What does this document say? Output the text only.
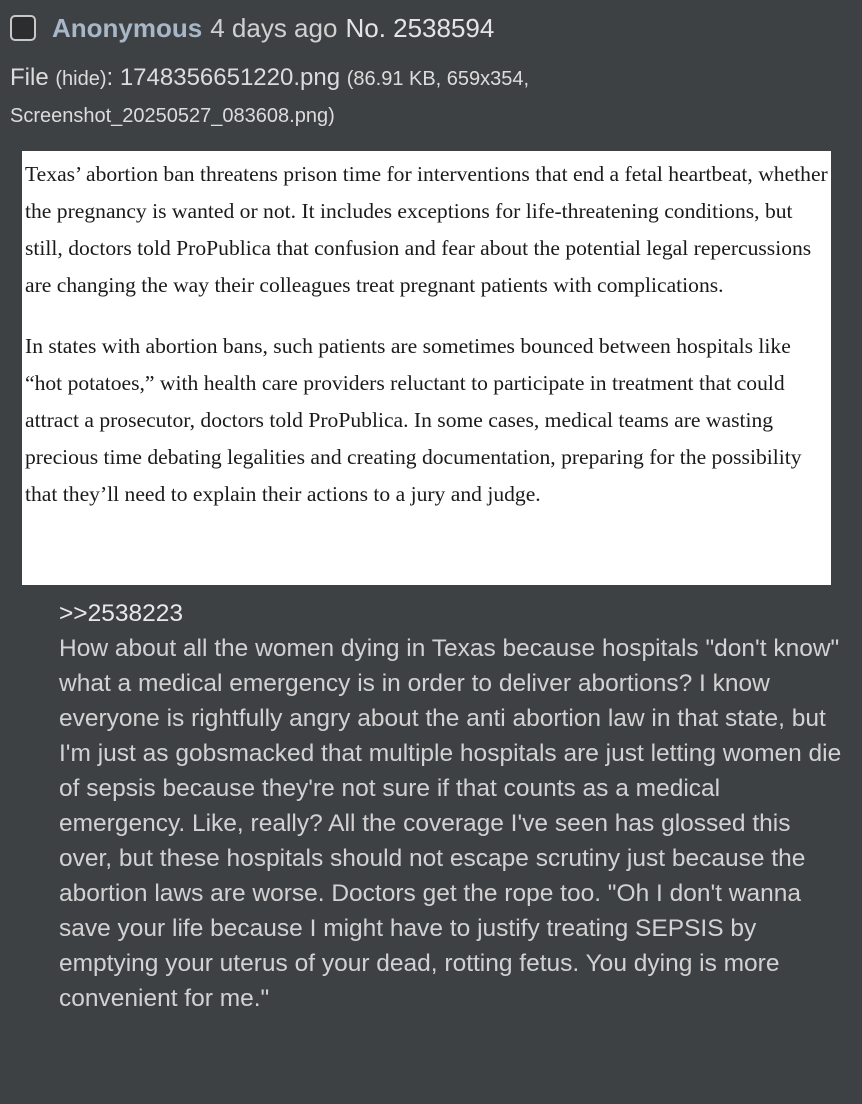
Anonymous 4 days ago No. 2538594
File (hide): 1748356651220.png (86.91 KB, 659x354,
Screenshot_20250527_083608.png)

Texas’ abortion ban threatens prison time for interventions that end a fetal heartbeat, whether the pregnancy is wanted or not. It includes exceptions for life-threatening conditions, but still, doctors told ProPublica that confusion and fear about the potential legal repercussions are changing the way their colleagues treat pregnant patients with complications.

In states with abortion bans, such patients are sometimes bounced between hospitals like “hot potatoes,” with health care providers reluctant to participate in treatment that could attract a prosecutor, doctors told ProPublica. In some cases, medical teams are wasting precious time debating legalities and creating documentation, preparing for the possibility that they’ll need to explain their actions to a jury and judge.

>>2538223

How about all the women dying in Texas because hospitals "don't know" what a medical emergency is in order to deliver abortions? I know everyone is rightfully angry about the anti abortion law in that state, but I'm just as gobsmacked that multiple hospitals are just letting women die of sepsis because they're not sure if that counts as a medical emergency. Like, really? All the coverage I've seen has glossed this over, but these hospitals should not escape scrutiny just because the abortion laws are worse. Doctors get the rope too. "Oh I don't wanna save your life because I might have to justify treating SEPSIS by emptying your uterus of your dead, rotting fetus. You dying is more convenient for me."
